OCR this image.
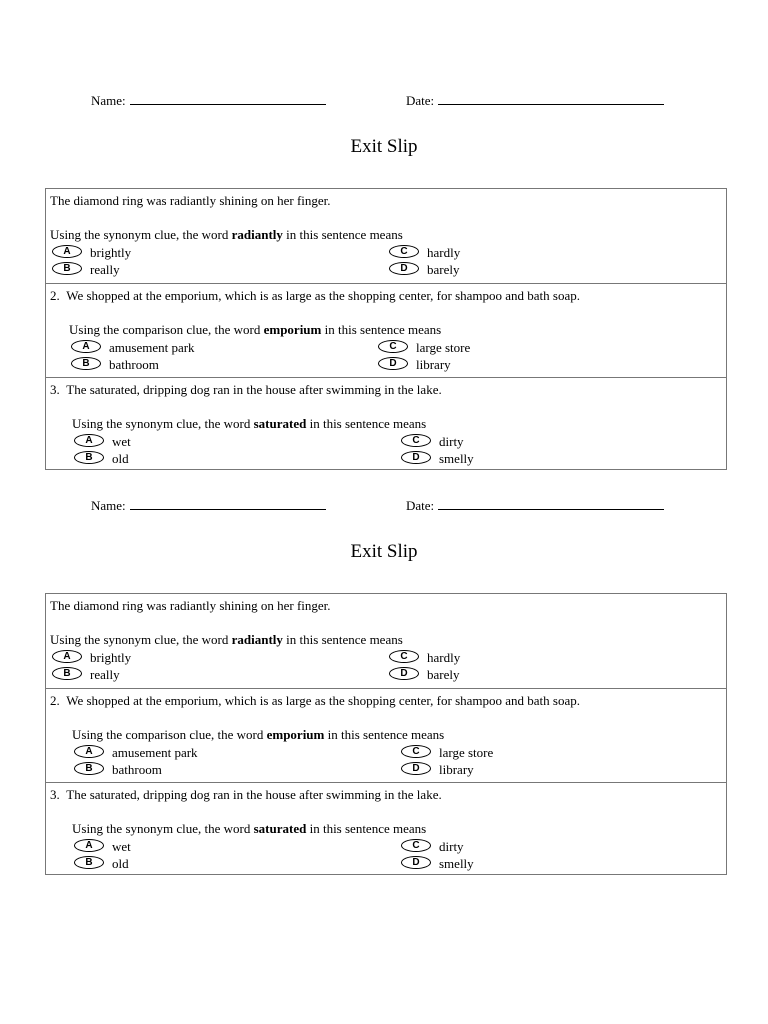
Name:	Date:
Exit Slip
The diamond ring was radiantly shining on her finger.
Using the synonym clue, the word radiantly in this sentence means
A brightly
B really
C hardly
D barely
2. We shopped at the emporium, which is as large as the shopping center, for shampoo and bath soap.
Using the comparison clue, the word emporium in this sentence means
A amusement park
B bathroom
C large store
D library
3. The saturated, dripping dog ran in the house after swimming in the lake.
Using the synonym clue, the word saturated in this sentence means
A wet
B old
C dirty
D smelly
Name:	Date:
Exit Slip
The diamond ring was radiantly shining on her finger.
Using the synonym clue, the word radiantly in this sentence means
A brightly
B really
C hardly
D barely
2. We shopped at the emporium, which is as large as the shopping center, for shampoo and bath soap.
Using the comparison clue, the word emporium in this sentence means
A amusement park
B bathroom
C large store
D library
3. The saturated, dripping dog ran in the house after swimming in the lake.
Using the synonym clue, the word saturated in this sentence means
A wet
B old
C dirty
D smelly
